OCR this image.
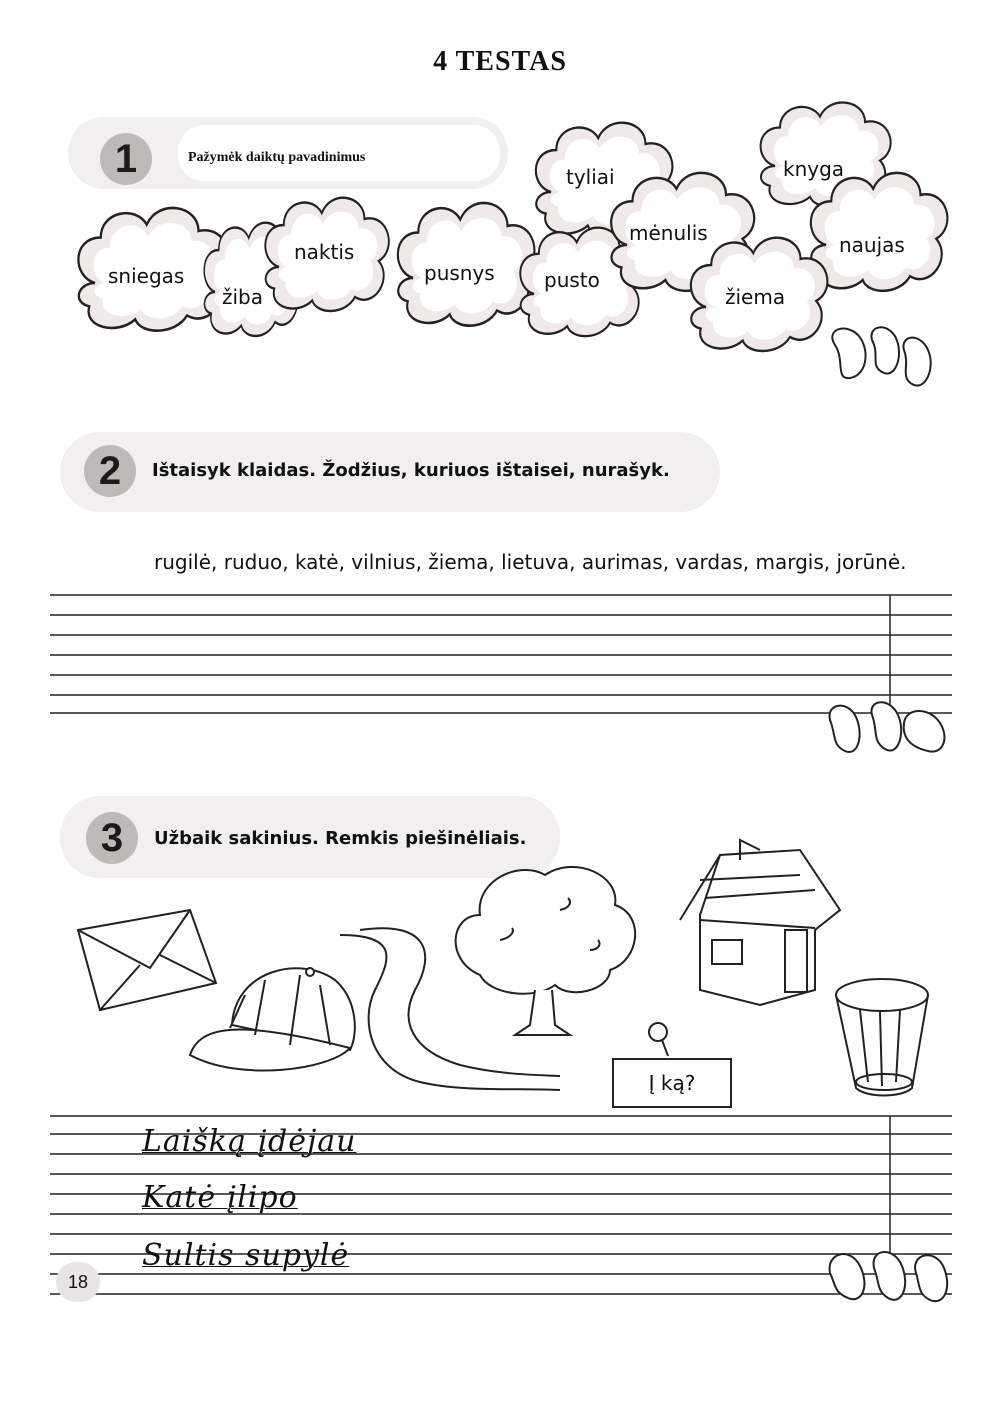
4 TESTAS
1	Pažymėk daiktų pavadinimus
sniegas
žiba
naktis
pusnys
tyliai
pusto
mėnulis
knyga
naujas
žiema
2	Ištaisyk klaidas. Žodžius, kuriuos ištaisei, nurašyk.
rugilė, ruduo, katė, vilnius, žiema, lietuva, aurimas, vardas, margis, jorūnė.
3	Užbaik sakinius. Remkis piešinėliais.
Į ką?
Laišką įdėjau
Katė įlipo
Sultis supylė
18
